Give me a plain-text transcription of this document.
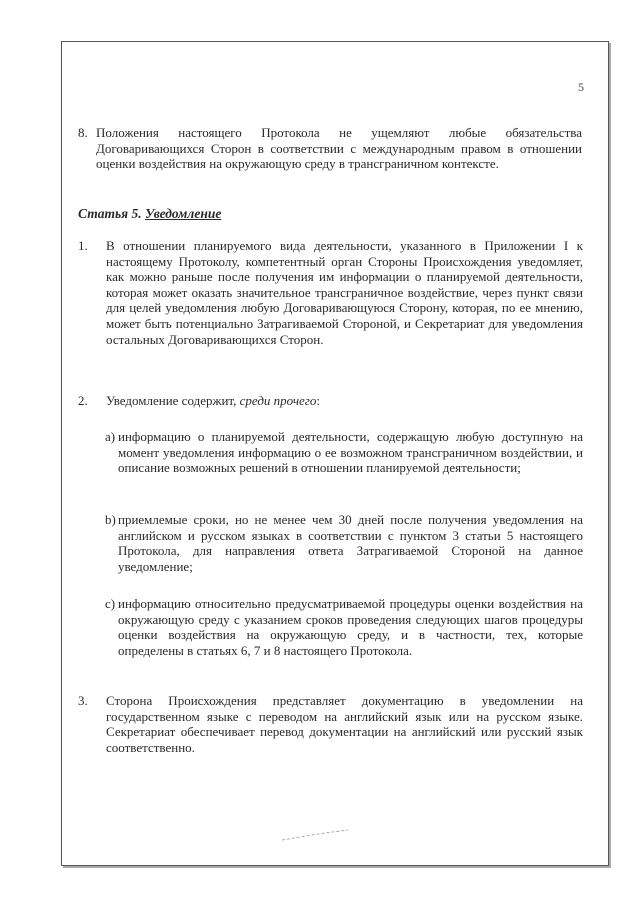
5
8. Положения настоящего Протокола не ущемляют любые обязательства Договаривающихся Сторон в соответствии с международным правом в отношении оценки воздействия на окружающую среду в трансграничном контексте.
Статья 5. Уведомление
1. В отношении планируемого вида деятельности, указанного в Приложении I к настоящему Протоколу, компетентный орган Стороны Происхождения уведомляет, как можно раньше после получения им информации о планируемой деятельности, которая может оказать значительное трансграничное воздействие, через пункт связи для целей уведомления любую Договаривающуюся Сторону, которая, по ее мнению, может быть потенциально Затрагиваемой Стороной, и Секретариат для уведомления остальных Договаривающихся Сторон.
2. Уведомление содержит, среди прочего:
a) информацию о планируемой деятельности, содержащую любую доступную на момент уведомления информацию о ее возможном трансграничном воздействии, и описание возможных решений в отношении планируемой деятельности;
b) приемлемые сроки, но не менее чем 30 дней после получения уведомления на английском и русском языках в соответствии с пунктом 3 статьи 5 настоящего Протокола, для направления ответа Затрагиваемой Стороной на данное уведомление;
c) информацию относительно предусматриваемой процедуры оценки воздействия на окружающую среду с указанием сроков проведения следующих шагов процедуры оценки воздействия на окружающую среду, и в частности, тех, которые определены в статьях 6, 7 и 8 настоящего Протокола.
3. Сторона Происхождения представляет документацию в уведомлении на государственном языке с переводом на английский язык или на русском языке. Секретариат обеспечивает перевод документации на английский или русский язык соответственно.
